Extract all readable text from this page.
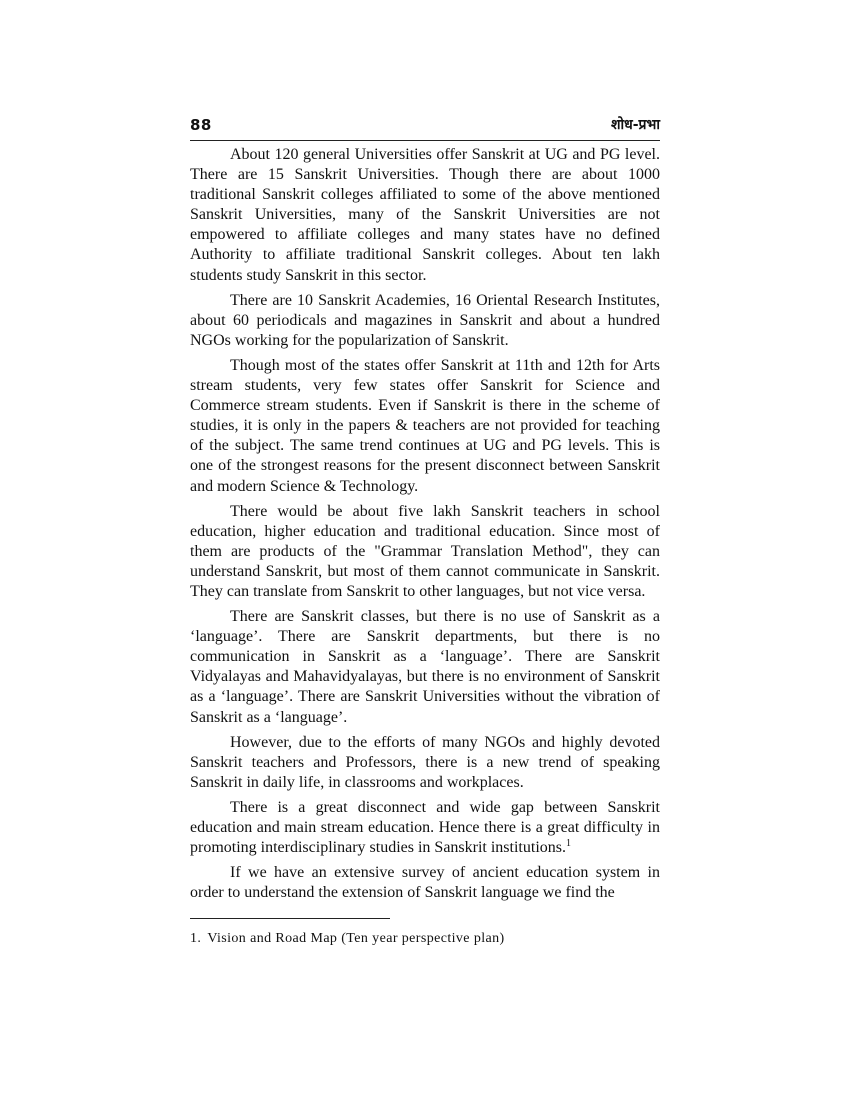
88	शोध-प्रभा

About 120 general Universities offer Sanskrit at UG and PG level. There are 15 Sanskrit Universities. Though there are about 1000 traditional Sanskrit colleges affiliated to some of the above mentioned Sanskrit Universities, many of the Sanskrit Universities are not empowered to affiliate colleges and many states have no defined Authority to affiliate traditional Sanskrit colleges. About ten lakh students study Sanskrit in this sector.

There are 10 Sanskrit Academies, 16 Oriental Research Institutes, about 60 periodicals and magazines in Sanskrit and about a hundred NGOs working for the popularization of Sanskrit.

Though most of the states offer Sanskrit at 11th and 12th for Arts stream students, very few states offer Sanskrit for Science and Commerce stream students. Even if Sanskrit is there in the scheme of studies, it is only in the papers & teachers are not provided for teaching of the subject. The same trend continues at UG and PG levels. This is one of the strongest reasons for the present disconnect between Sanskrit and modern Science & Technology.

There would be about five lakh Sanskrit teachers in school education, higher education and traditional education. Since most of them are products of the "Grammar Translation Method", they can understand Sanskrit, but most of them cannot communicate in Sanskrit. They can translate from Sanskrit to other languages, but not vice versa.

There are Sanskrit classes, but there is no use of Sanskrit as a ‘language’. There are Sanskrit departments, but there is no communication in Sanskrit as a ‘language’. There are Sanskrit Vidyalayas and Mahavidyalayas, but there is no environment of Sanskrit as a ‘language’. There are Sanskrit Universities without the vibration of Sanskrit as a ‘language’.

However, due to the efforts of many NGOs and highly devoted Sanskrit teachers and Professors, there is a new trend of speaking Sanskrit in daily life, in classrooms and workplaces.

There is a great disconnect and wide gap between Sanskrit education and main stream education. Hence there is a great difficulty in promoting interdisciplinary studies in Sanskrit institutions.$^1$

If we have an extensive survey of ancient education system in order to understand the extension of Sanskrit language we find the

1. Vision and Road Map (Ten year perspective plan)
